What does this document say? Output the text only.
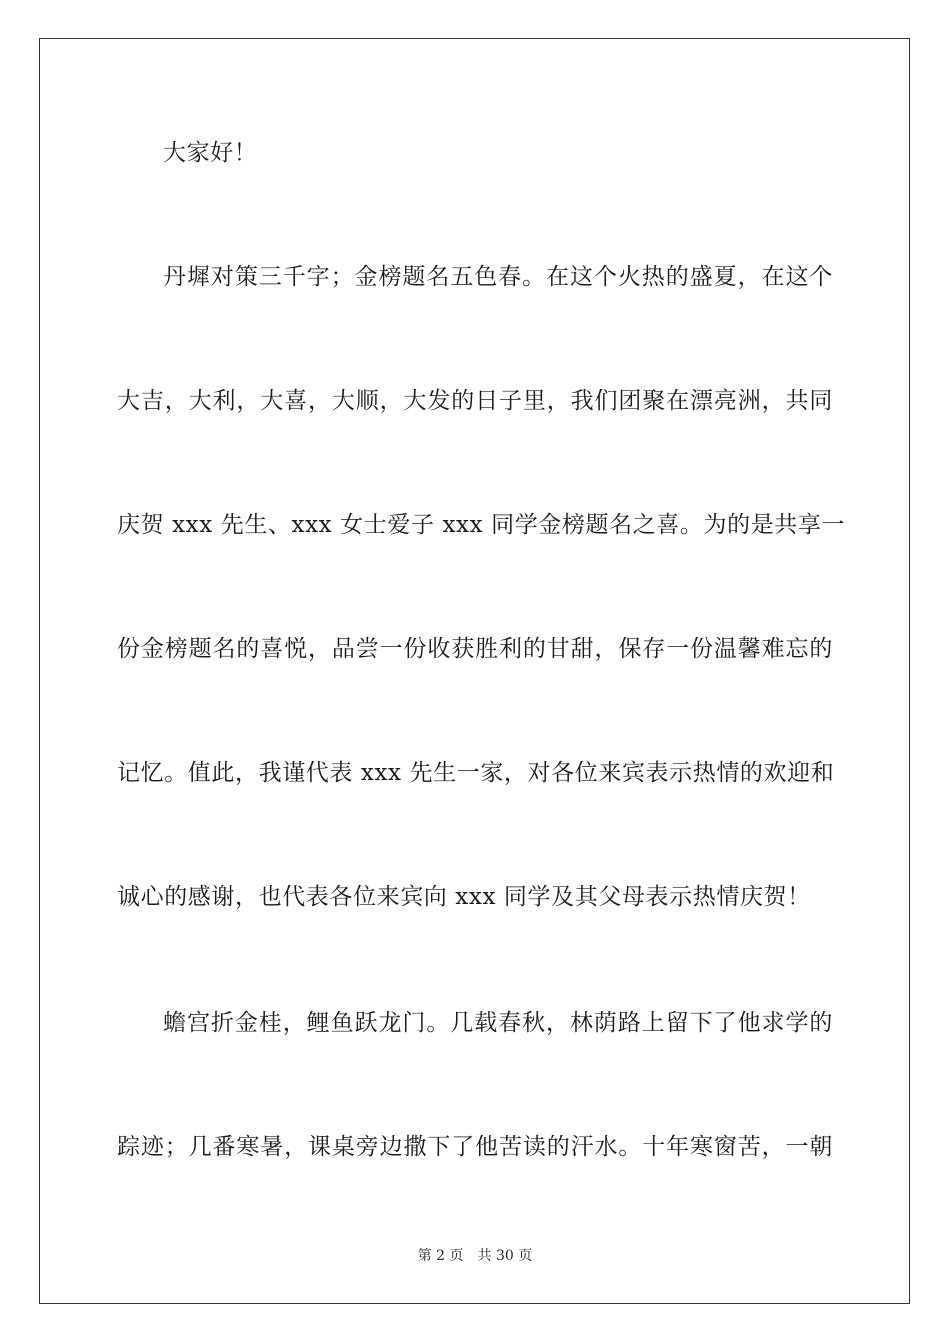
大家好！
丹墀对策三千字；金榜题名五色春。在这个火热的盛夏，在这个
大吉，大利，大喜，大顺，大发的日子里，我们团聚在漂亮洲，共同
庆贺 xxx 先生、xxx 女士爱子 xxx 同学金榜题名之喜。为的是共享一
份金榜题名的喜悦，品尝一份收获胜利的甘甜，保存一份温馨难忘的
记忆。值此，我谨代表 xxx 先生一家，对各位来宾表示热情的欢迎和
诚心的感谢，也代表各位来宾向 xxx 同学及其父母表示热情庆贺！
蟾宫折金桂，鲤鱼跃龙门。几载春秋，林荫路上留下了他求学的
踪迹；几番寒暑，课桌旁边撒下了他苦读的汗水。十年寒窗苦，一朝
第 2 页 共 30 页
